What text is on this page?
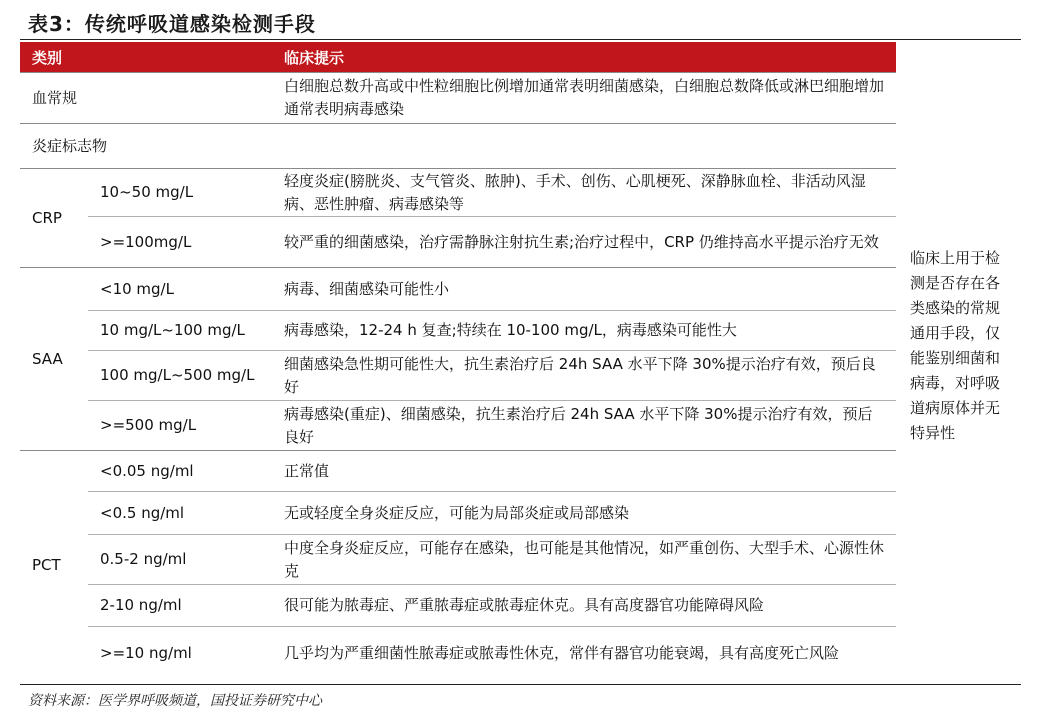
表3：传统呼吸道感染检测手段
类别		临床提示
血常规		白细胞总数升高或中性粒细胞比例增加通常表明细菌感染，白细胞总数降低或淋巴细胞增加通常表明病毒感染
炎症标志物		
CRP	10~50 mg/L	轻度炎症(膀胱炎、支气管炎、脓肿)、手术、创伤、心肌梗死、深静脉血栓、非活动风湿病、恶性肿瘤、病毒感染等
	>=100mg/L	较严重的细菌感染，治疗需静脉注射抗生素;治疗过程中，CRP 仍维持高水平提示治疗无效
SAA	<10 mg/L	病毒、细菌感染可能性小
	10 mg/L~100 mg/L	病毒感染，12-24 h 复查;特续在 10-100 mg/L，病毒感染可能性大
	100 mg/L~500 mg/L	细菌感染急性期可能性大，抗生素治疗后 24h SAA 水平下降 30%提示治疗有效，预后良好
	>=500 mg/L	病毒感染(重症)、细菌感染，抗生素治疗后 24h SAA 水平下降 30%提示治疗有效，预后良好
PCT	<0.05 ng/ml	正常值
	<0.5 ng/ml	无或轻度全身炎症反应，可能为局部炎症或局部感染
	0.5-2 ng/ml	中度全身炎症反应，可能存在感染，也可能是其他情况，如严重创伤、大型手术、心源性休克
	2-10 ng/ml	很可能为脓毒症、严重脓毒症或脓毒症休克。具有高度器官功能障碍风险
	>=10 ng/ml	几乎均为严重细菌性脓毒症或脓毒性休克，常伴有器官功能衰竭，具有高度死亡风险
临床上用于检测是否存在各类感染的常规通用手段，仅能鉴别细菌和病毒，对呼吸道病原体并无特异性
资料来源：医学界呼吸频道，国投证券研究中心
